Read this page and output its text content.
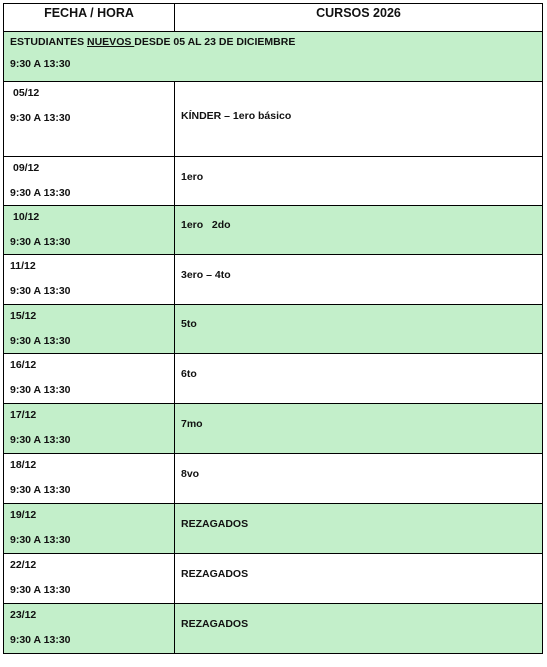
FECHA / HORA	CURSOS 2026

ESTUDIANTES NUEVOS DESDE 05 AL 23 DE DICIEMBRE
9:30 A 13:30	

05/12
9:30 A 13:30	KÍNDER – 1ero básico

09/12
9:30 A 13:30	1ero

10/12
9:30 A 13:30	1ero   2do

11/12
9:30 A 13:30	3ero – 4to

15/12
9:30 A 13:30	5to

16/12
9:30 A 13:30	6to

17/12
9:30 A 13:30	7mo

18/12
9:30 A 13:30	8vo

19/12
9:30 A 13:30	REZAGADOS

22/12
9:30 A 13:30	REZAGADOS

23/12
9:30 A 13:30	REZAGADOS
